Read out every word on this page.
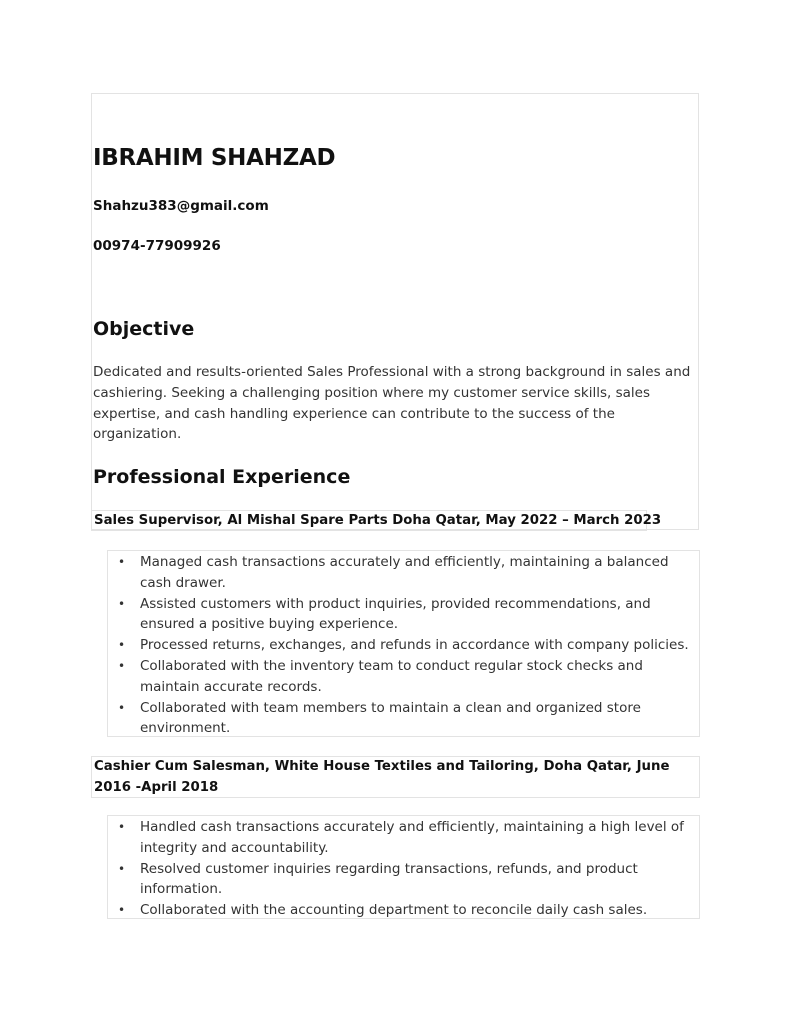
IBRAHIM SHAHZAD

Shahzu383@gmail.com

00974-77909926

Objective

Dedicated and results-oriented Sales Professional with a strong background in sales and cashiering. Seeking a challenging position where my customer service skills, sales expertise, and cash handling experience can contribute to the success of the organization.

Professional Experience

Sales Supervisor, Al Mishal Spare Parts Doha Qatar, May 2022 – March 2023

• Managed cash transactions accurately and efficiently, maintaining a balanced cash drawer.
• Assisted customers with product inquiries, provided recommendations, and ensured a positive buying experience.
• Processed returns, exchanges, and refunds in accordance with company policies.
• Collaborated with the inventory team to conduct regular stock checks and maintain accurate records.
• Collaborated with team members to maintain a clean and organized store environment.

Cashier Cum Salesman, White House Textiles and Tailoring, Doha Qatar, June 2016 -April 2018

• Handled cash transactions accurately and efficiently, maintaining a high level of integrity and accountability.
• Resolved customer inquiries regarding transactions, refunds, and product information.
• Collaborated with the accounting department to reconcile daily cash sales.
